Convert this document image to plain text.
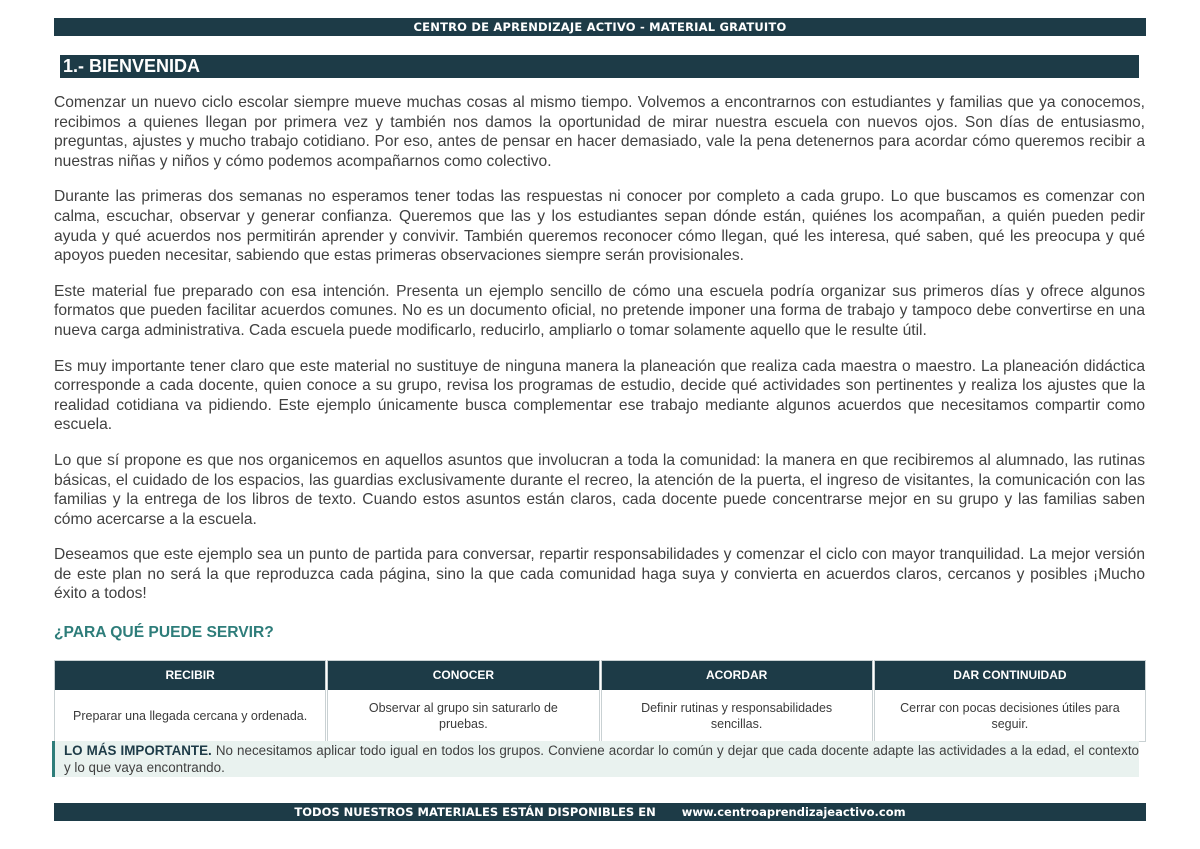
CENTRO DE APRENDIZAJE ACTIVO - MATERIAL GRATUITO
1.- BIENVENIDA

Comenzar un nuevo ciclo escolar siempre mueve muchas cosas al mismo tiempo. Volvemos a encontrarnos con estudiantes y familias que ya conocemos, recibimos a quienes llegan por primera vez y también nos damos la oportunidad de mirar nuestra escuela con nuevos ojos. Son días de entusiasmo, preguntas, ajustes y mucho trabajo cotidiano. Por eso, antes de pensar en hacer demasiado, vale la pena detenernos para acordar cómo queremos recibir a nuestras niñas y niños y cómo podemos acompañarnos como colectivo.

Durante las primeras dos semanas no esperamos tener todas las respuestas ni conocer por completo a cada grupo. Lo que buscamos es comenzar con calma, escuchar, observar y generar confianza. Queremos que las y los estudiantes sepan dónde están, quiénes los acompañan, a quién pueden pedir ayuda y qué acuerdos nos permitirán aprender y convivir. También queremos reconocer cómo llegan, qué les interesa, qué saben, qué les preocupa y qué apoyos pueden necesitar, sabiendo que estas primeras observaciones siempre serán provisionales.

Este material fue preparado con esa intención. Presenta un ejemplo sencillo de cómo una escuela podría organizar sus primeros días y ofrece algunos formatos que pueden facilitar acuerdos comunes. No es un documento oficial, no pretende imponer una forma de trabajo y tampoco debe convertirse en una nueva carga administrativa. Cada escuela puede modificarlo, reducirlo, ampliarlo o tomar solamente aquello que le resulte útil.

Es muy importante tener claro que este material no sustituye de ninguna manera la planeación que realiza cada maestra o maestro. La planeación didáctica corresponde a cada docente, quien conoce a su grupo, revisa los programas de estudio, decide qué actividades son pertinentes y realiza los ajustes que la realidad cotidiana va pidiendo. Este ejemplo únicamente busca complementar ese trabajo mediante algunos acuerdos que necesitamos compartir como escuela.

Lo que sí propone es que nos organicemos en aquellos asuntos que involucran a toda la comunidad: la manera en que recibiremos al alumnado, las rutinas básicas, el cuidado de los espacios, las guardias exclusivamente durante el recreo, la atención de la puerta, el ingreso de visitantes, la comunicación con las familias y la entrega de los libros de texto. Cuando estos asuntos están claros, cada docente puede concentrarse mejor en su grupo y las familias saben cómo acercarse a la escuela.

Deseamos que este ejemplo sea un punto de partida para conversar, repartir responsabilidades y comenzar el ciclo con mayor tranquilidad. La mejor versión de este plan no será la que reproduzca cada página, sino la que cada comunidad haga suya y convierta en acuerdos claros, cercanos y posibles ¡Mucho éxito a todos!

¿PARA QUÉ PUEDE SERVIR?
RECIBIR
Preparar una llegada cercana y ordenada.
CONOCER
Observar al grupo sin saturarlo de pruebas.
ACORDAR
Definir rutinas y responsabilidades sencillas.
DAR CONTINUIDAD
Cerrar con pocas decisiones útiles para seguir.
LO MÁS IMPORTANTE. No necesitamos aplicar todo igual en todos los grupos. Conviene acordar lo común y dejar que cada docente adapte las actividades a la edad, el contexto y lo que vaya encontrando.
TODOS NUESTROS MATERIALES ESTÁN DISPONIBLES EN www.centroaprendizajeactivo.com
